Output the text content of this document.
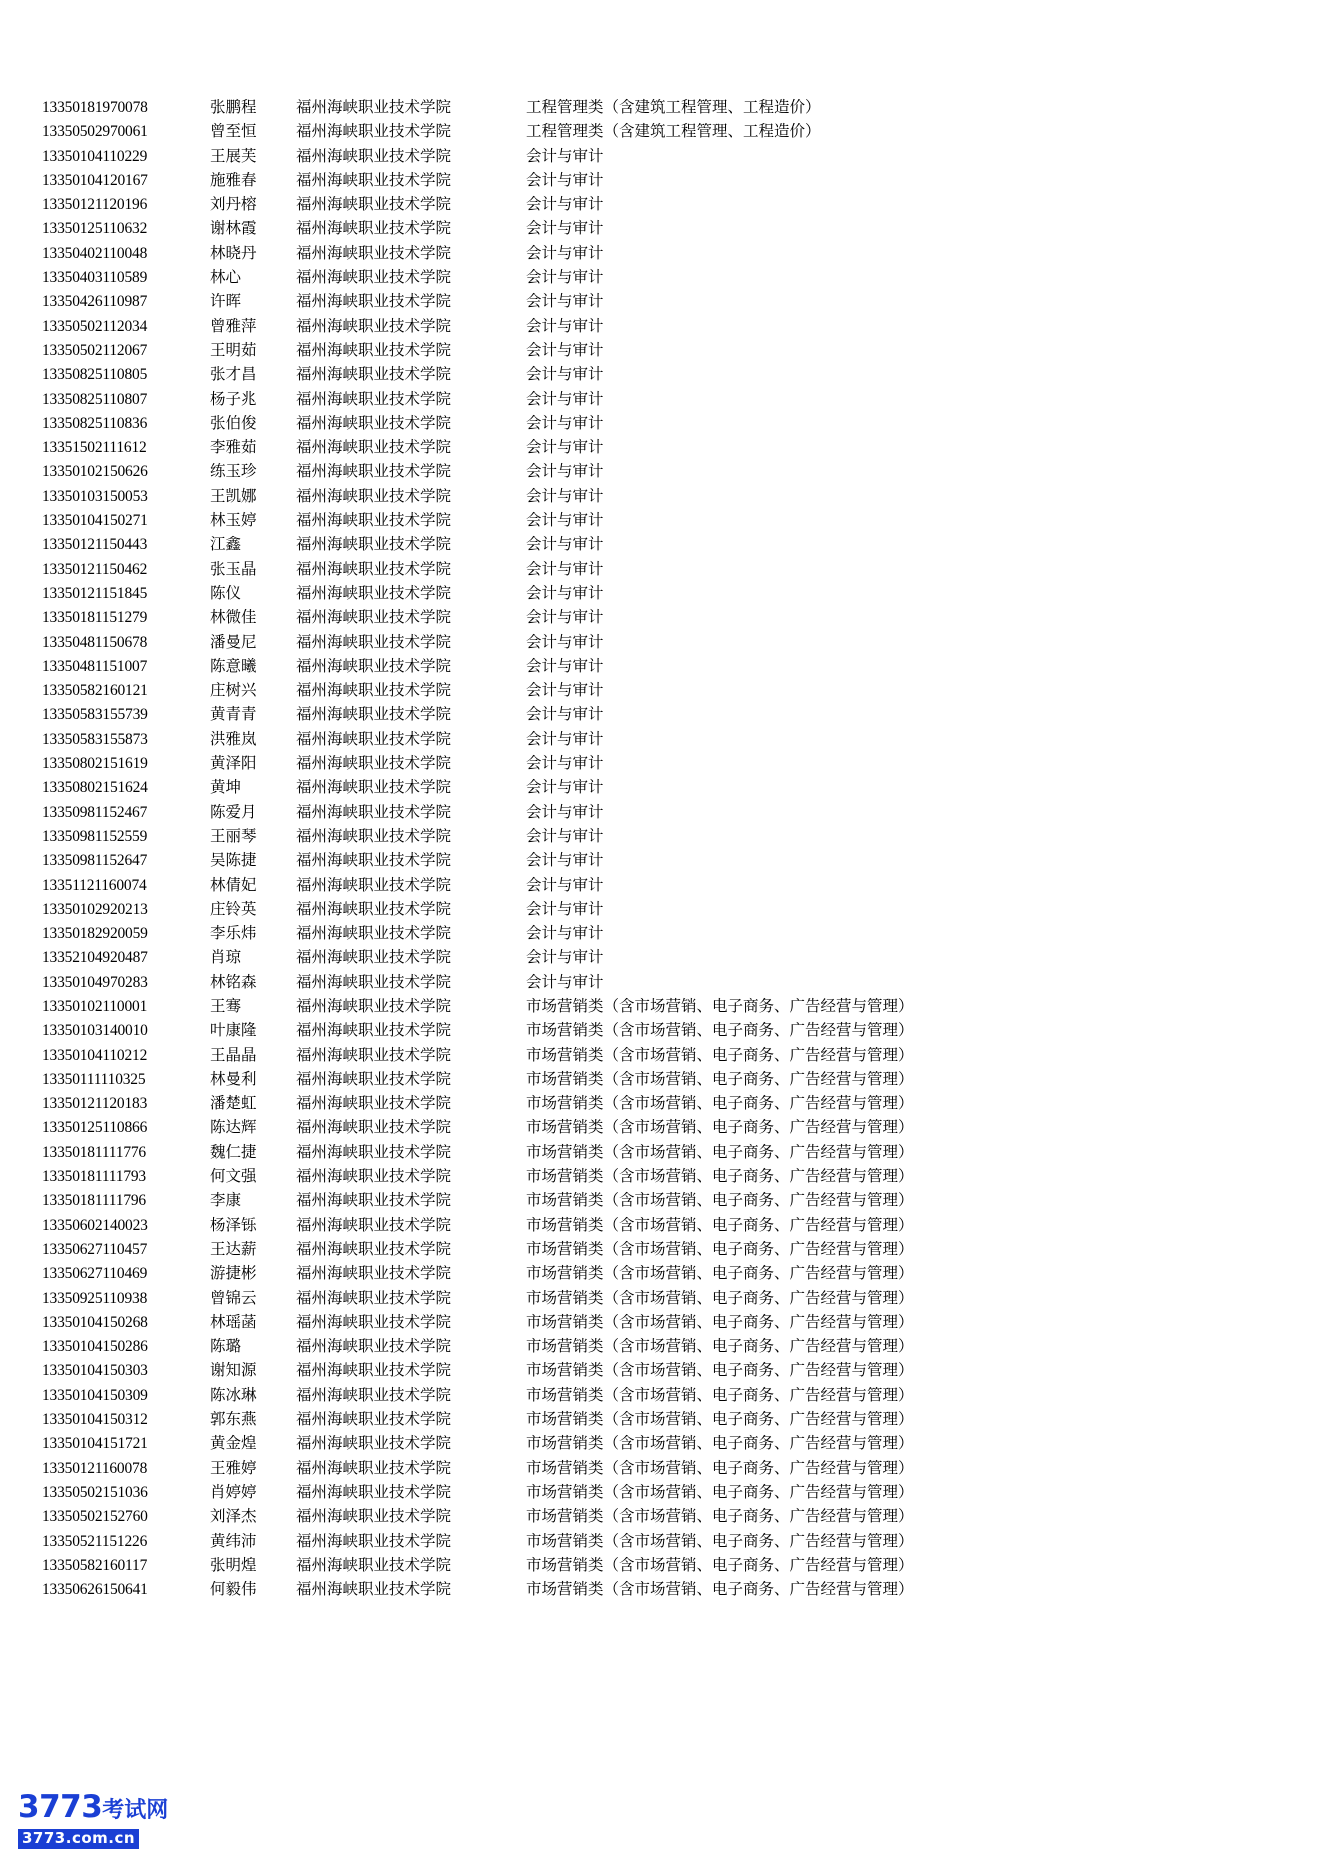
13350181970078	张鹏程	福州海峡职业技术学院	工程管理类（含建筑工程管理、工程造价）
13350502970061	曾至恒	福州海峡职业技术学院	工程管理类（含建筑工程管理、工程造价）
13350104110229	王展芙	福州海峡职业技术学院	会计与审计
13350104120167	施雅春	福州海峡职业技术学院	会计与审计
13350121120196	刘丹榕	福州海峡职业技术学院	会计与审计
13350125110632	谢林霞	福州海峡职业技术学院	会计与审计
13350402110048	林晓丹	福州海峡职业技术学院	会计与审计
13350403110589	林心	福州海峡职业技术学院	会计与审计
13350426110987	许晖	福州海峡职业技术学院	会计与审计
13350502112034	曾雅萍	福州海峡职业技术学院	会计与审计
13350502112067	王明茹	福州海峡职业技术学院	会计与审计
13350825110805	张才昌	福州海峡职业技术学院	会计与审计
13350825110807	杨子兆	福州海峡职业技术学院	会计与审计
13350825110836	张伯俊	福州海峡职业技术学院	会计与审计
13351502111612	李雅茹	福州海峡职业技术学院	会计与审计
13350102150626	练玉珍	福州海峡职业技术学院	会计与审计
13350103150053	王凯娜	福州海峡职业技术学院	会计与审计
13350104150271	林玉婷	福州海峡职业技术学院	会计与审计
13350121150443	江鑫	福州海峡职业技术学院	会计与审计
13350121150462	张玉晶	福州海峡职业技术学院	会计与审计
13350121151845	陈仪	福州海峡职业技术学院	会计与审计
13350181151279	林微佳	福州海峡职业技术学院	会计与审计
13350481150678	潘曼尼	福州海峡职业技术学院	会计与审计
13350481151007	陈意曦	福州海峡职业技术学院	会计与审计
13350582160121	庄树兴	福州海峡职业技术学院	会计与审计
13350583155739	黄青青	福州海峡职业技术学院	会计与审计
13350583155873	洪雅岚	福州海峡职业技术学院	会计与审计
13350802151619	黄泽阳	福州海峡职业技术学院	会计与审计
13350802151624	黄坤	福州海峡职业技术学院	会计与审计
13350981152467	陈爱月	福州海峡职业技术学院	会计与审计
13350981152559	王丽琴	福州海峡职业技术学院	会计与审计
13350981152647	吴陈捷	福州海峡职业技术学院	会计与审计
13351121160074	林倩妃	福州海峡职业技术学院	会计与审计
13350102920213	庄铃英	福州海峡职业技术学院	会计与审计
13350182920059	李乐炜	福州海峡职业技术学院	会计与审计
13352104920487	肖琼	福州海峡职业技术学院	会计与审计
13350104970283	林铭森	福州海峡职业技术学院	会计与审计
13350102110001	王骞	福州海峡职业技术学院	市场营销类（含市场营销、电子商务、广告经营与管理）
13350103140010	叶康隆	福州海峡职业技术学院	市场营销类（含市场营销、电子商务、广告经营与管理）
13350104110212	王晶晶	福州海峡职业技术学院	市场营销类（含市场营销、电子商务、广告经营与管理）
13350111110325	林曼利	福州海峡职业技术学院	市场营销类（含市场营销、电子商务、广告经营与管理）
13350121120183	潘楚虹	福州海峡职业技术学院	市场营销类（含市场营销、电子商务、广告经营与管理）
13350125110866	陈达辉	福州海峡职业技术学院	市场营销类（含市场营销、电子商务、广告经营与管理）
13350181111776	魏仁捷	福州海峡职业技术学院	市场营销类（含市场营销、电子商务、广告经营与管理）
13350181111793	何文强	福州海峡职业技术学院	市场营销类（含市场营销、电子商务、广告经营与管理）
13350181111796	李康	福州海峡职业技术学院	市场营销类（含市场营销、电子商务、广告经营与管理）
13350602140023	杨泽铄	福州海峡职业技术学院	市场营销类（含市场营销、电子商务、广告经营与管理）
13350627110457	王达薪	福州海峡职业技术学院	市场营销类（含市场营销、电子商务、广告经营与管理）
13350627110469	游捷彬	福州海峡职业技术学院	市场营销类（含市场营销、电子商务、广告经营与管理）
13350925110938	曾锦云	福州海峡职业技术学院	市场营销类（含市场营销、电子商务、广告经营与管理）
13350104150268	林瑶菡	福州海峡职业技术学院	市场营销类（含市场营销、电子商务、广告经营与管理）
13350104150286	陈璐	福州海峡职业技术学院	市场营销类（含市场营销、电子商务、广告经营与管理）
13350104150303	谢知源	福州海峡职业技术学院	市场营销类（含市场营销、电子商务、广告经营与管理）
13350104150309	陈冰琳	福州海峡职业技术学院	市场营销类（含市场营销、电子商务、广告经营与管理）
13350104150312	郭东燕	福州海峡职业技术学院	市场营销类（含市场营销、电子商务、广告经营与管理）
13350104151721	黄金煌	福州海峡职业技术学院	市场营销类（含市场营销、电子商务、广告经营与管理）
13350121160078	王雅婷	福州海峡职业技术学院	市场营销类（含市场营销、电子商务、广告经营与管理）
13350502151036	肖婷婷	福州海峡职业技术学院	市场营销类（含市场营销、电子商务、广告经营与管理）
13350502152760	刘泽杰	福州海峡职业技术学院	市场营销类（含市场营销、电子商务、广告经营与管理）
13350521151226	黄纬沛	福州海峡职业技术学院	市场营销类（含市场营销、电子商务、广告经营与管理）
13350582160117	张明煌	福州海峡职业技术学院	市场营销类（含市场营销、电子商务、广告经营与管理）
13350626150641	何毅伟	福州海峡职业技术学院	市场营销类（含市场营销、电子商务、广告经营与管理）
3773考试网
3773.com.cn
